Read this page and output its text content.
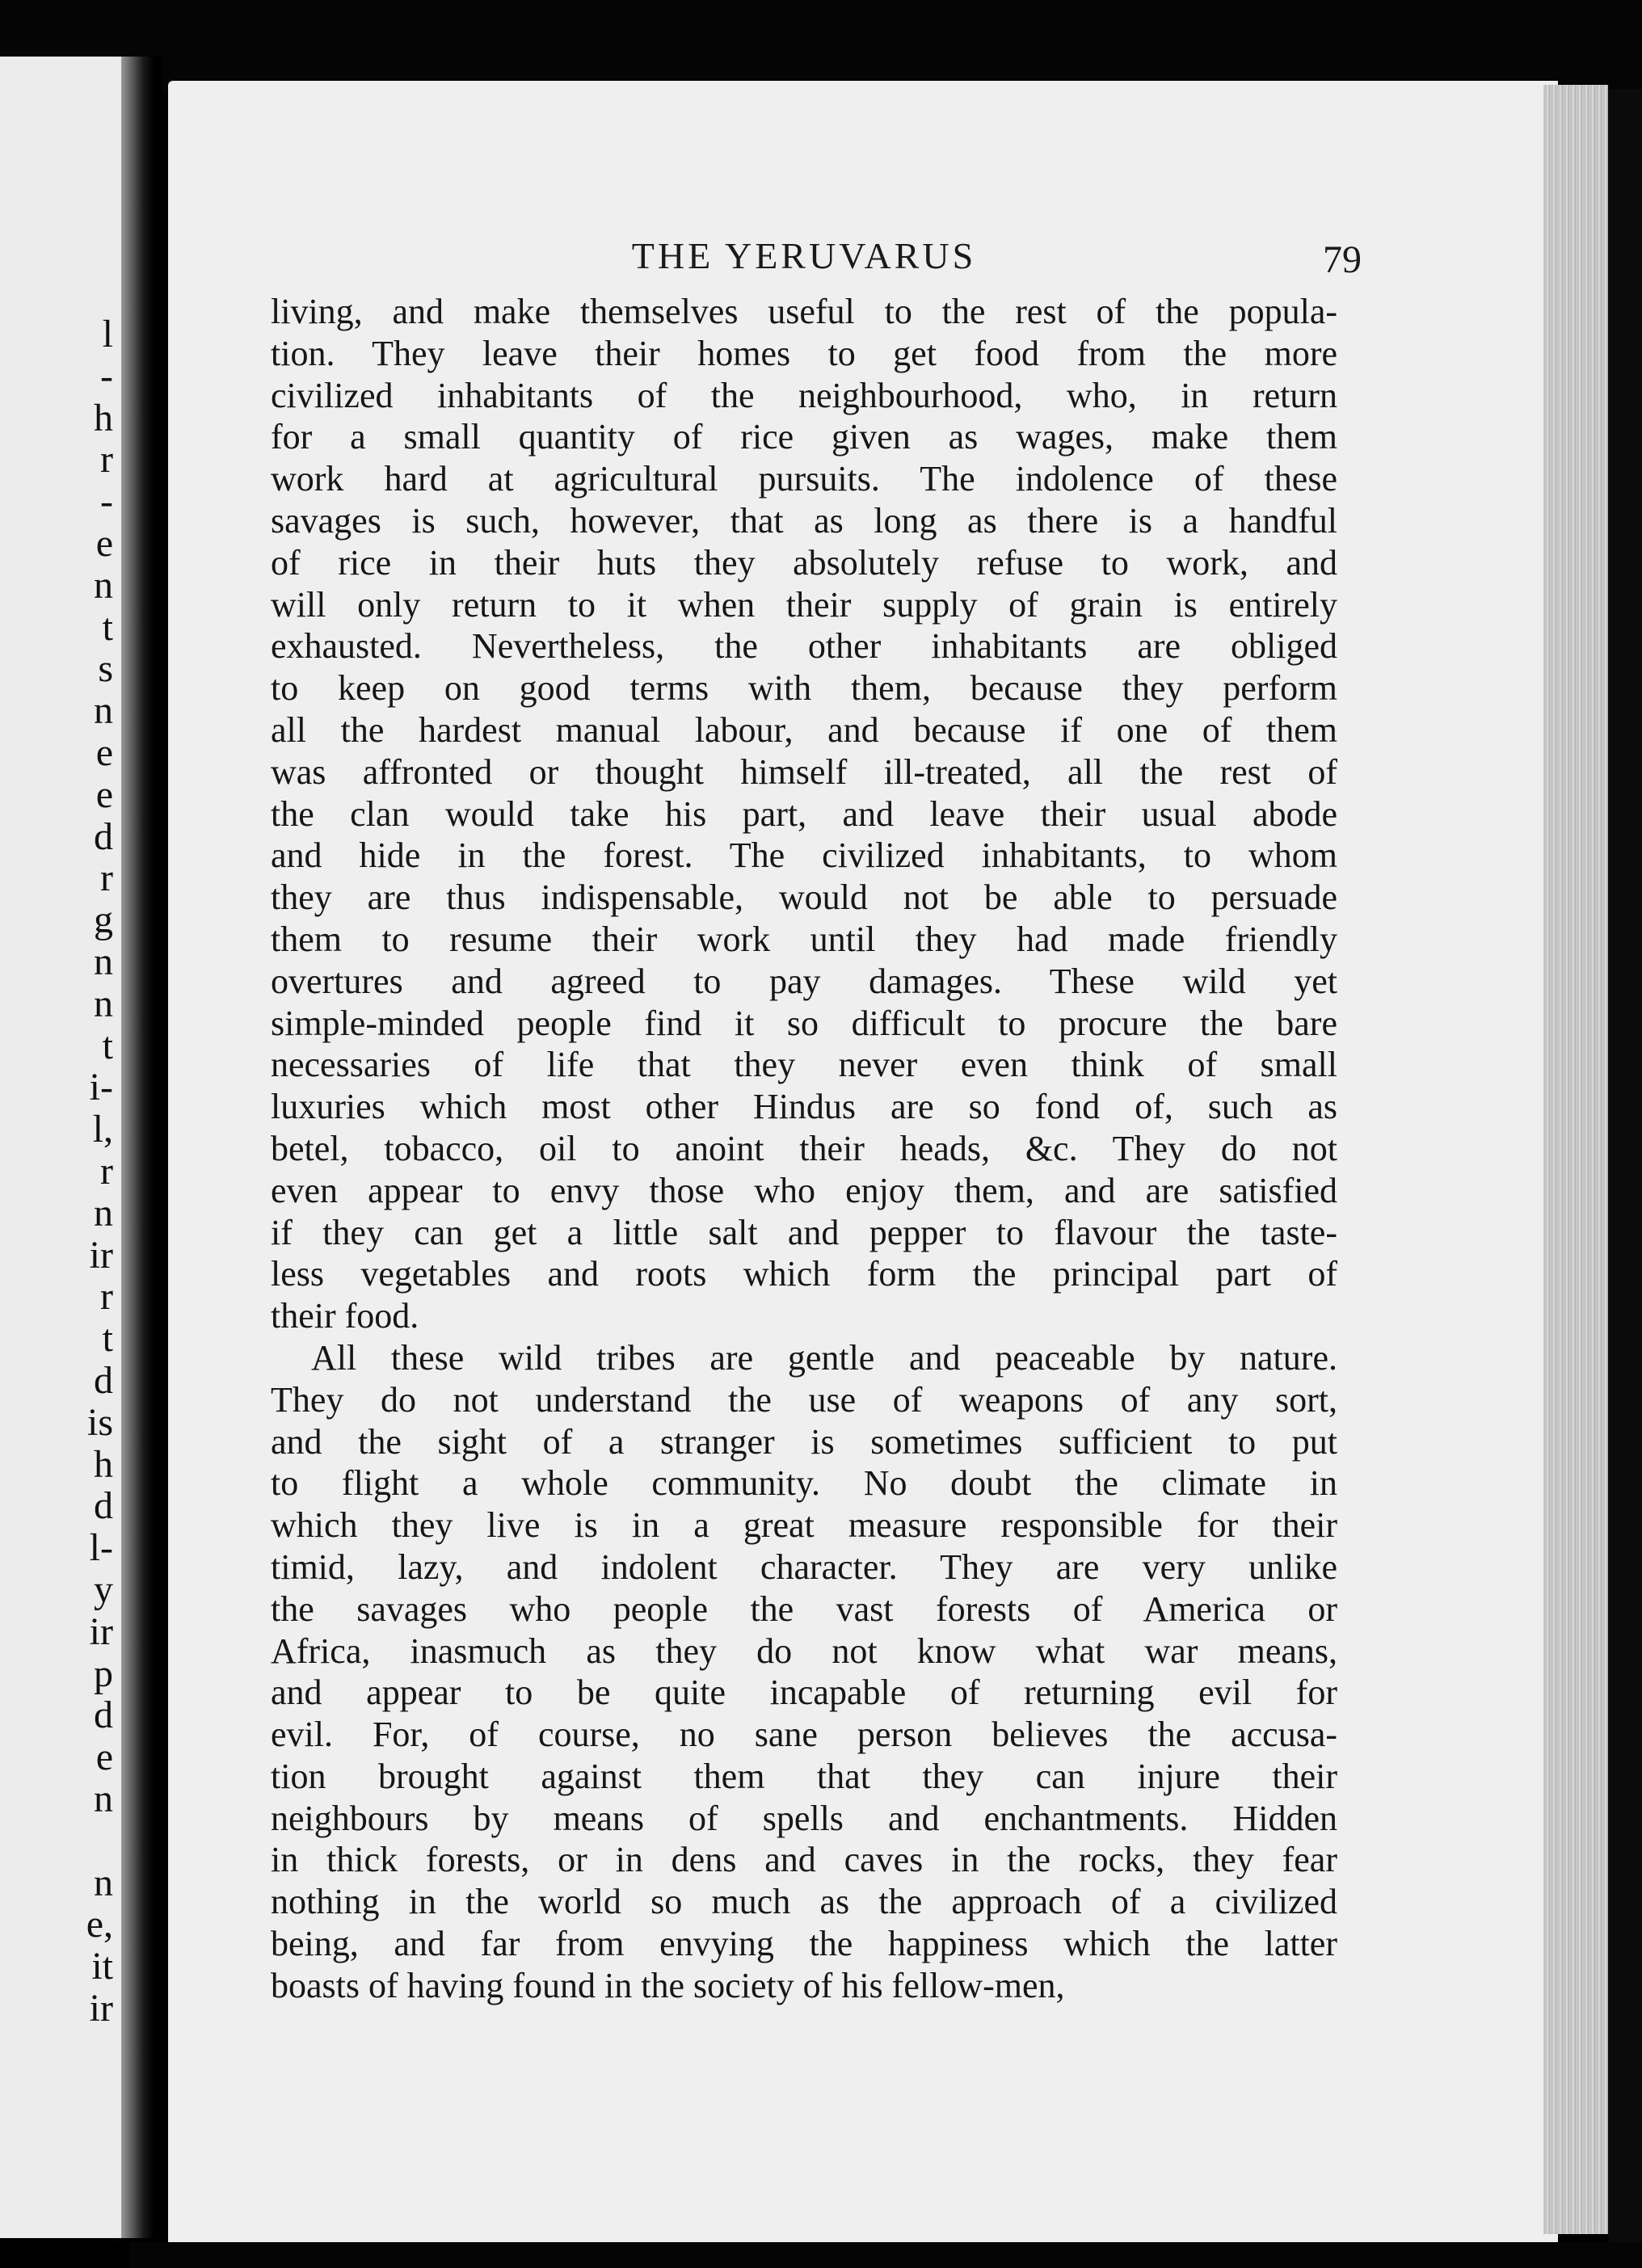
l
-
h
r
-
e
n
t
s
n
e
e
d
r
g
n
n
t
i-
l,
r
n
ir
r
t
d
is
h
d
l-
y
ir
p
d
e
n
n
e,
it
ir
THE YERUVARUS	79
living, and make themselves useful to the rest of the popula-
tion. They leave their homes to get food from the more
civilized inhabitants of the neighbourhood, who, in return
for a small quantity of rice given as wages, make them
work hard at agricultural pursuits. The indolence of these
savages is such, however, that as long as there is a handful
of rice in their huts they absolutely refuse to work, and
will only return to it when their supply of grain is entirely
exhausted. Nevertheless, the other inhabitants are obliged
to keep on good terms with them, because they perform
all the hardest manual labour, and because if one of them
was affronted or thought himself ill-treated, all the rest of
the clan would take his part, and leave their usual abode
and hide in the forest. The civilized inhabitants, to whom
they are thus indispensable, would not be able to persuade
them to resume their work until they had made friendly
overtures and agreed to pay damages. These wild yet
simple-minded people find it so difficult to procure the bare
necessaries of life that they never even think of small
luxuries which most other Hindus are so fond of, such as
betel, tobacco, oil to anoint their heads, &c. They do not
even appear to envy those who enjoy them, and are satisfied
if they can get a little salt and pepper to flavour the taste-
less vegetables and roots which form the principal part of
their food.
All these wild tribes are gentle and peaceable by nature.
They do not understand the use of weapons of any sort,
and the sight of a stranger is sometimes sufficient to put
to flight a whole community. No doubt the climate in
which they live is in a great measure responsible for their
timid, lazy, and indolent character. They are very unlike
the savages who people the vast forests of America or
Africa, inasmuch as they do not know what war means,
and appear to be quite incapable of returning evil for
evil. For, of course, no sane person believes the accusa-
tion brought against them that they can injure their
neighbours by means of spells and enchantments. Hidden
in thick forests, or in dens and caves in the rocks, they fear
nothing in the world so much as the approach of a civilized
being, and far from envying the happiness which the latter
boasts of having found in the society of his fellow-men,
